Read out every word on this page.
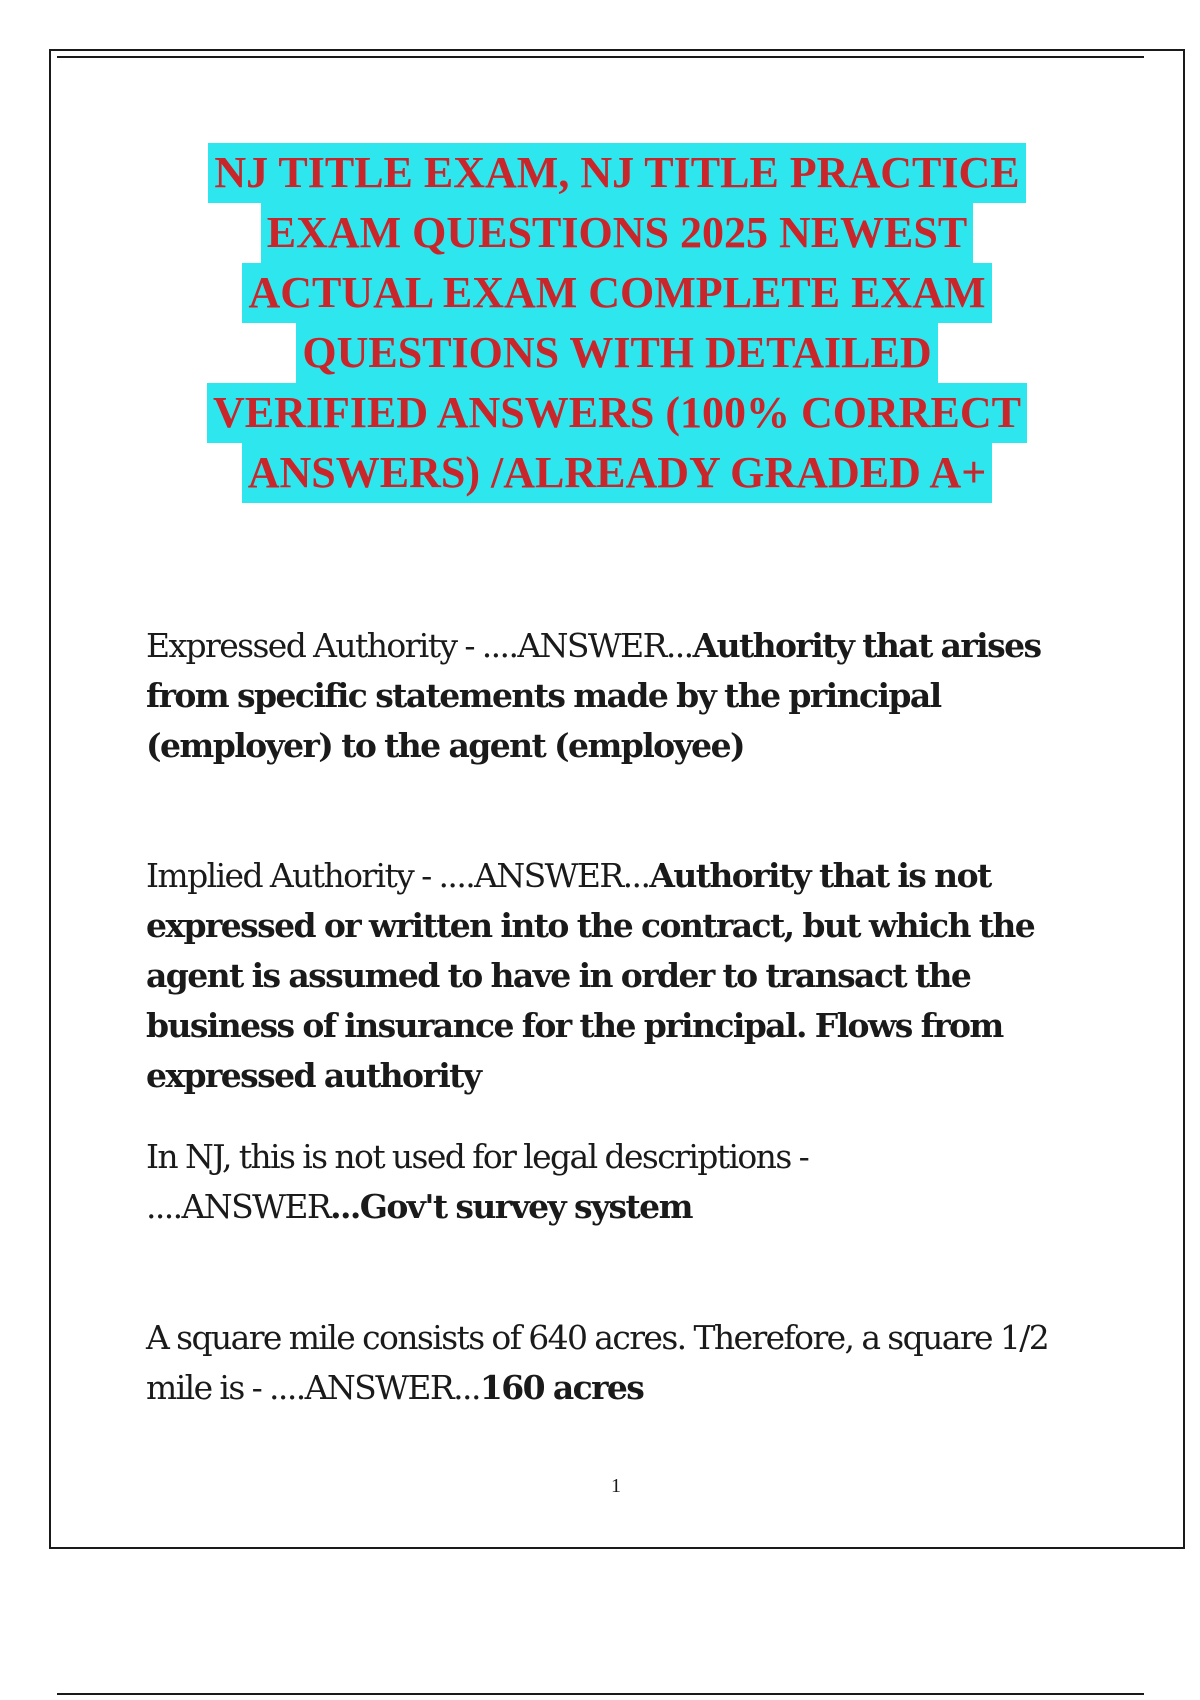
NJ TITLE EXAM, NJ TITLE PRACTICE
EXAM QUESTIONS 2025 NEWEST
ACTUAL EXAM COMPLETE EXAM
QUESTIONS WITH DETAILED
VERIFIED ANSWERS (100% CORRECT
ANSWERS) /ALREADY GRADED A+
Expressed Authority - ....ANSWER...Authority that arises from specific statements made by the principal (employer) to the agent (employee)
Implied Authority - ....ANSWER...Authority that is not expressed or written into the contract, but which the agent is assumed to have in order to transact the business of insurance for the principal. Flows from expressed authority
In NJ, this is not used for legal descriptions - ....ANSWER...Gov't survey system
A square mile consists of 640 acres. Therefore, a square 1/2 mile is - ....ANSWER...160 acres
1
